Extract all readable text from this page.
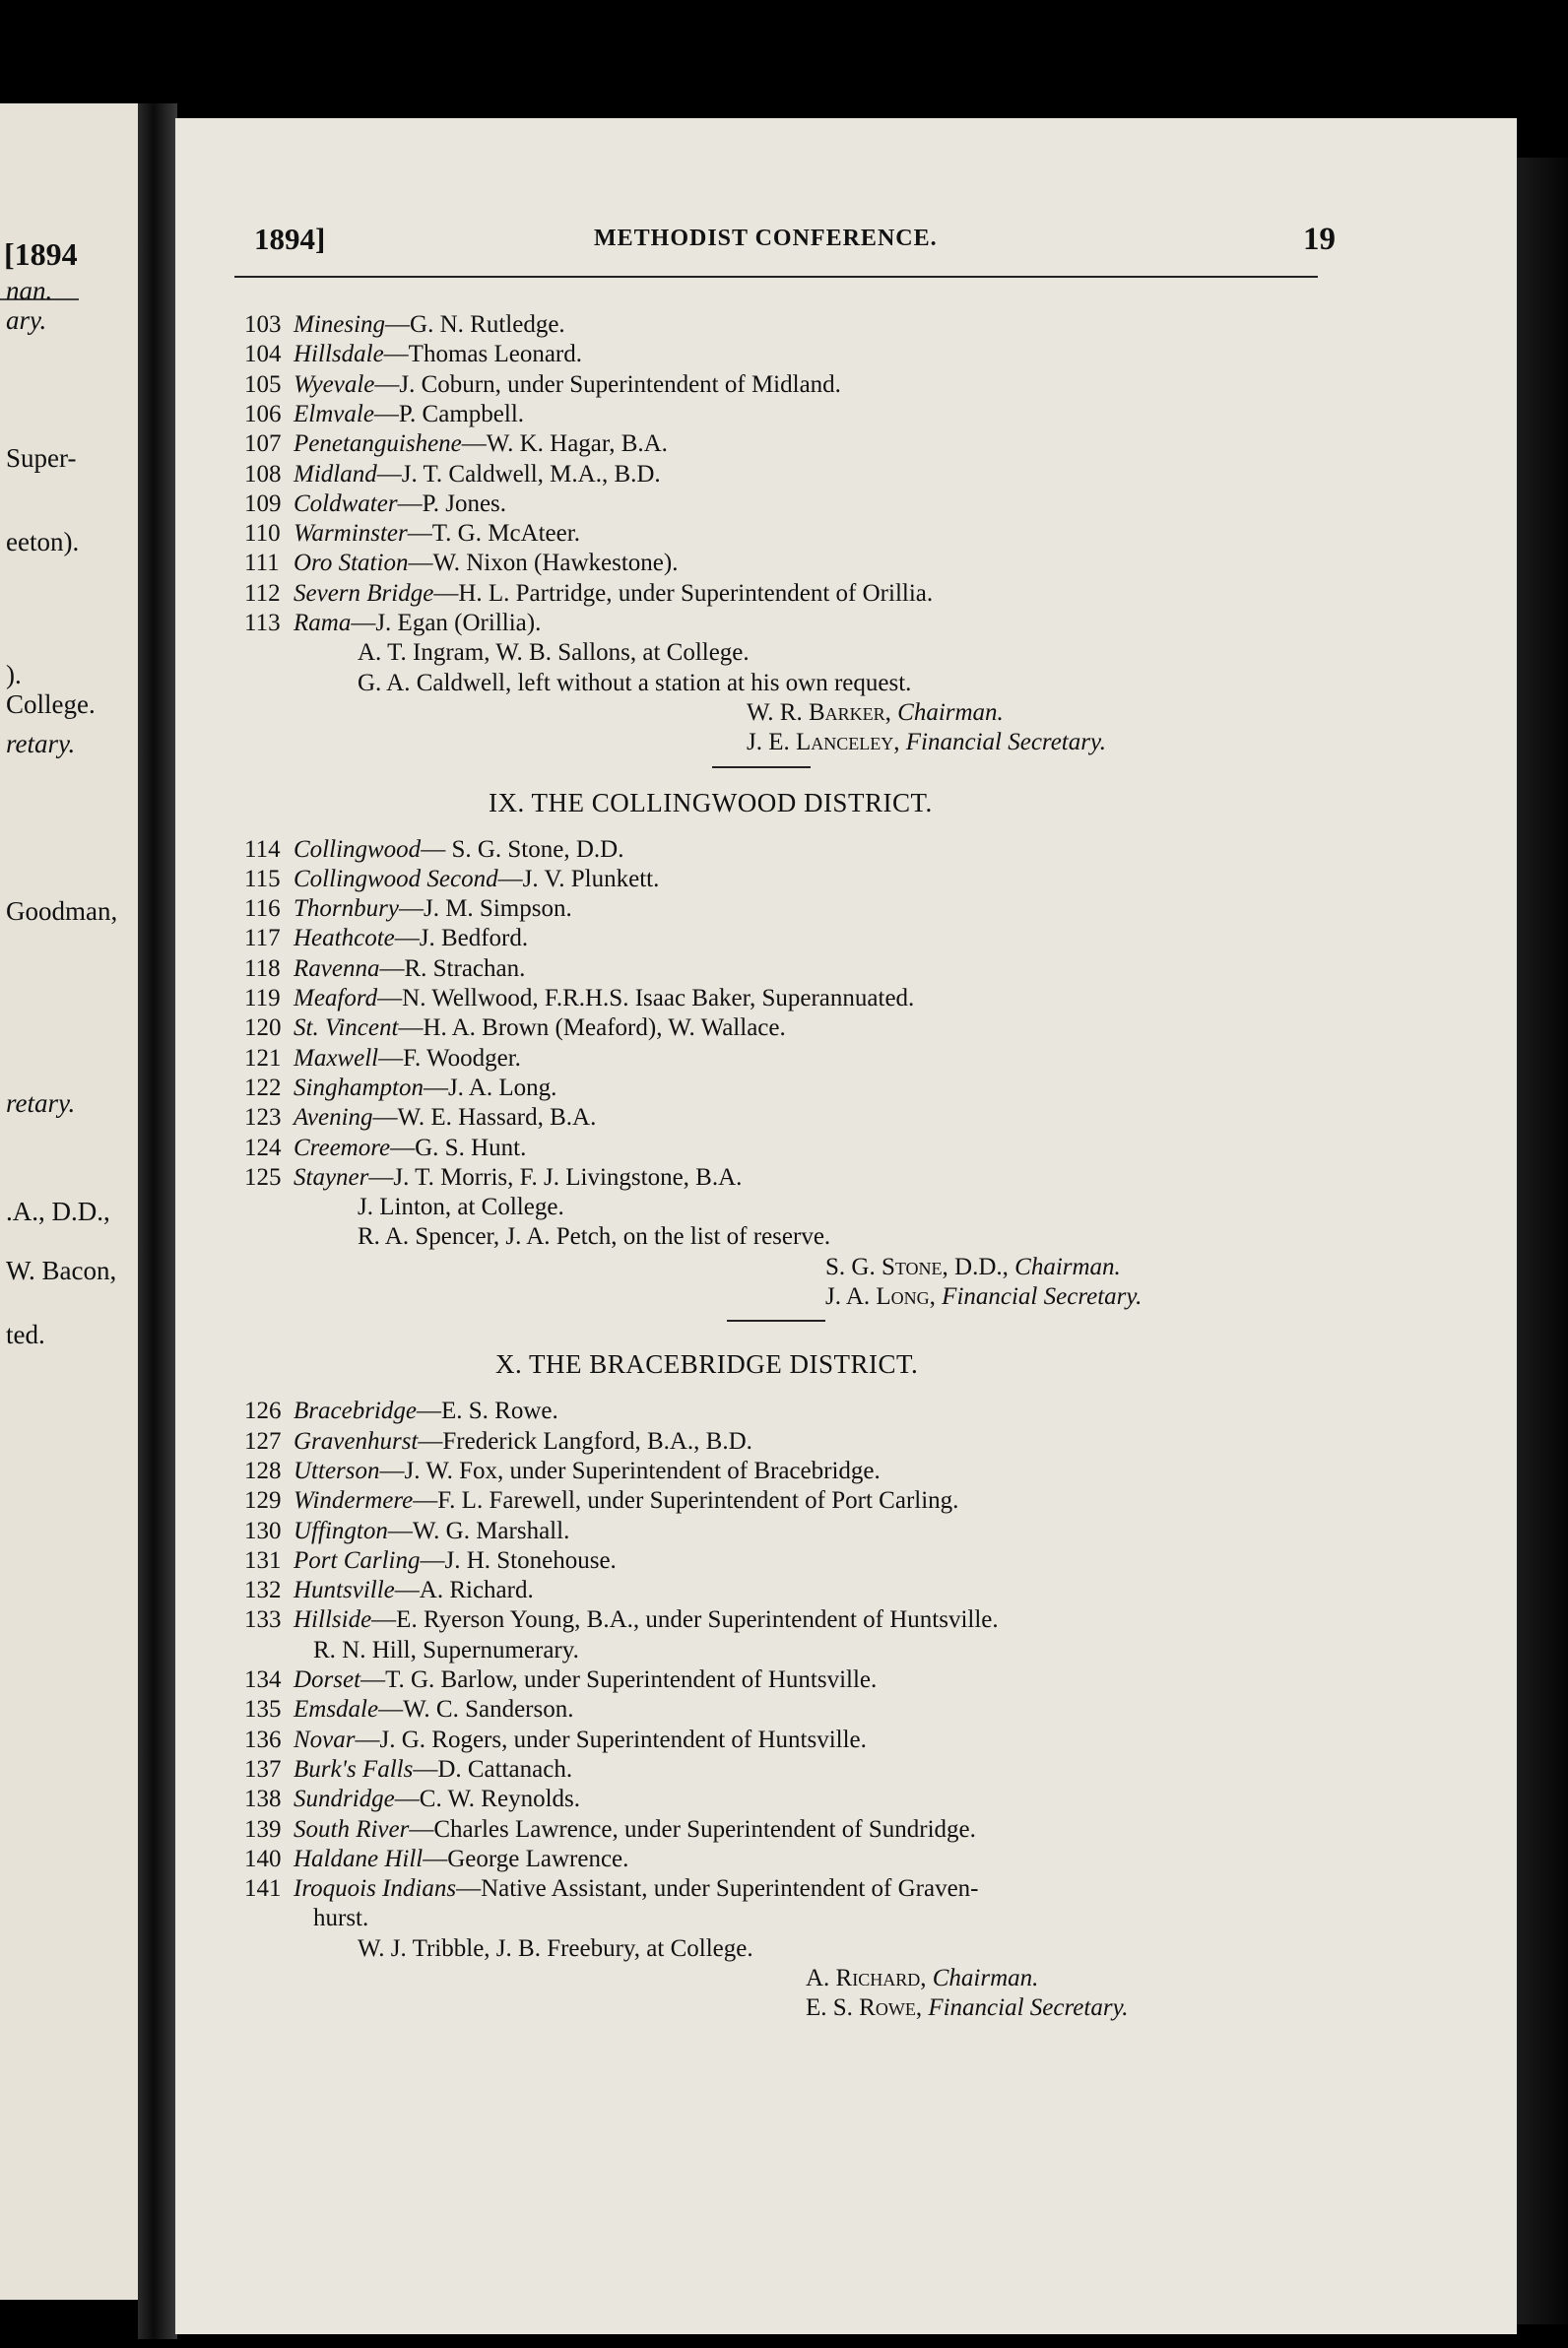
[1894
nan.
ary.
Super-
eeton).
).
College.
retary.
Goodman,
retary.
.A., D.D.,
W. Bacon,
ted.
1894]	METHODIST CONFERENCE.	19
103 Minesing—G. N. Rutledge.
104 Hillsdale—Thomas Leonard.
105 Wyevale—J. Coburn, under Superintendent of Midland.
106 Elmvale—P. Campbell.
107 Penetanguishene—W. K. Hagar, B.A.
108 Midland—J. T. Caldwell, M.A., B.D.
109 Coldwater—P. Jones.
110 Warminster—T. G. McAteer.
111 Oro Station—W. Nixon (Hawkestone).
112 Severn Bridge—H. L. Partridge, under Superintendent of Orillia.
113 Rama—J. Egan (Orillia).
A. T. Ingram, W. B. Sallons, at College.
G. A. Caldwell, left without a station at his own request.
W. R. Barker, Chairman.
J. E. Lanceley, Financial Secretary.
IX. THE COLLINGWOOD DISTRICT.
114 Collingwood— S. G. Stone, D.D.
115 Collingwood Second—J. V. Plunkett.
116 Thornbury—J. M. Simpson.
117 Heathcote—J. Bedford.
118 Ravenna—R. Strachan.
119 Meaford—N. Wellwood, F.R.H.S. Isaac Baker, Superannuated.
120 St. Vincent—H. A. Brown (Meaford), W. Wallace.
121 Maxwell—F. Woodger.
122 Singhampton—J. A. Long.
123 Avening—W. E. Hassard, B.A.
124 Creemore—G. S. Hunt.
125 Stayner—J. T. Morris, F. J. Livingstone, B.A.
J. Linton, at College.
R. A. Spencer, J. A. Petch, on the list of reserve.
S. G. Stone, D.D., Chairman.
J. A. Long, Financial Secretary.
X. THE BRACEBRIDGE DISTRICT.
126 Bracebridge—E. S. Rowe.
127 Gravenhurst—Frederick Langford, B.A., B.D.
128 Utterson—J. W. Fox, under Superintendent of Bracebridge.
129 Windermere—F. L. Farewell, under Superintendent of Port Carling.
130 Uffington—W. G. Marshall.
131 Port Carling—J. H. Stonehouse.
132 Huntsville—A. Richard.
133 Hillside—E. Ryerson Young, B.A., under Superintendent of Huntsville.
R. N. Hill, Supernumerary.
134 Dorset—T. G. Barlow, under Superintendent of Huntsville.
135 Emsdale—W. C. Sanderson.
136 Novar—J. G. Rogers, under Superintendent of Huntsville.
137 Burk's Falls—D. Cattanach.
138 Sundridge—C. W. Reynolds.
139 South River—Charles Lawrence, under Superintendent of Sundridge.
140 Haldane Hill—George Lawrence.
141 Iroquois Indians—Native Assistant, under Superintendent of Graven-
hurst.
W. J. Tribble, J. B. Freebury, at College.
A. Richard, Chairman.
E. S. Rowe, Financial Secretary.
